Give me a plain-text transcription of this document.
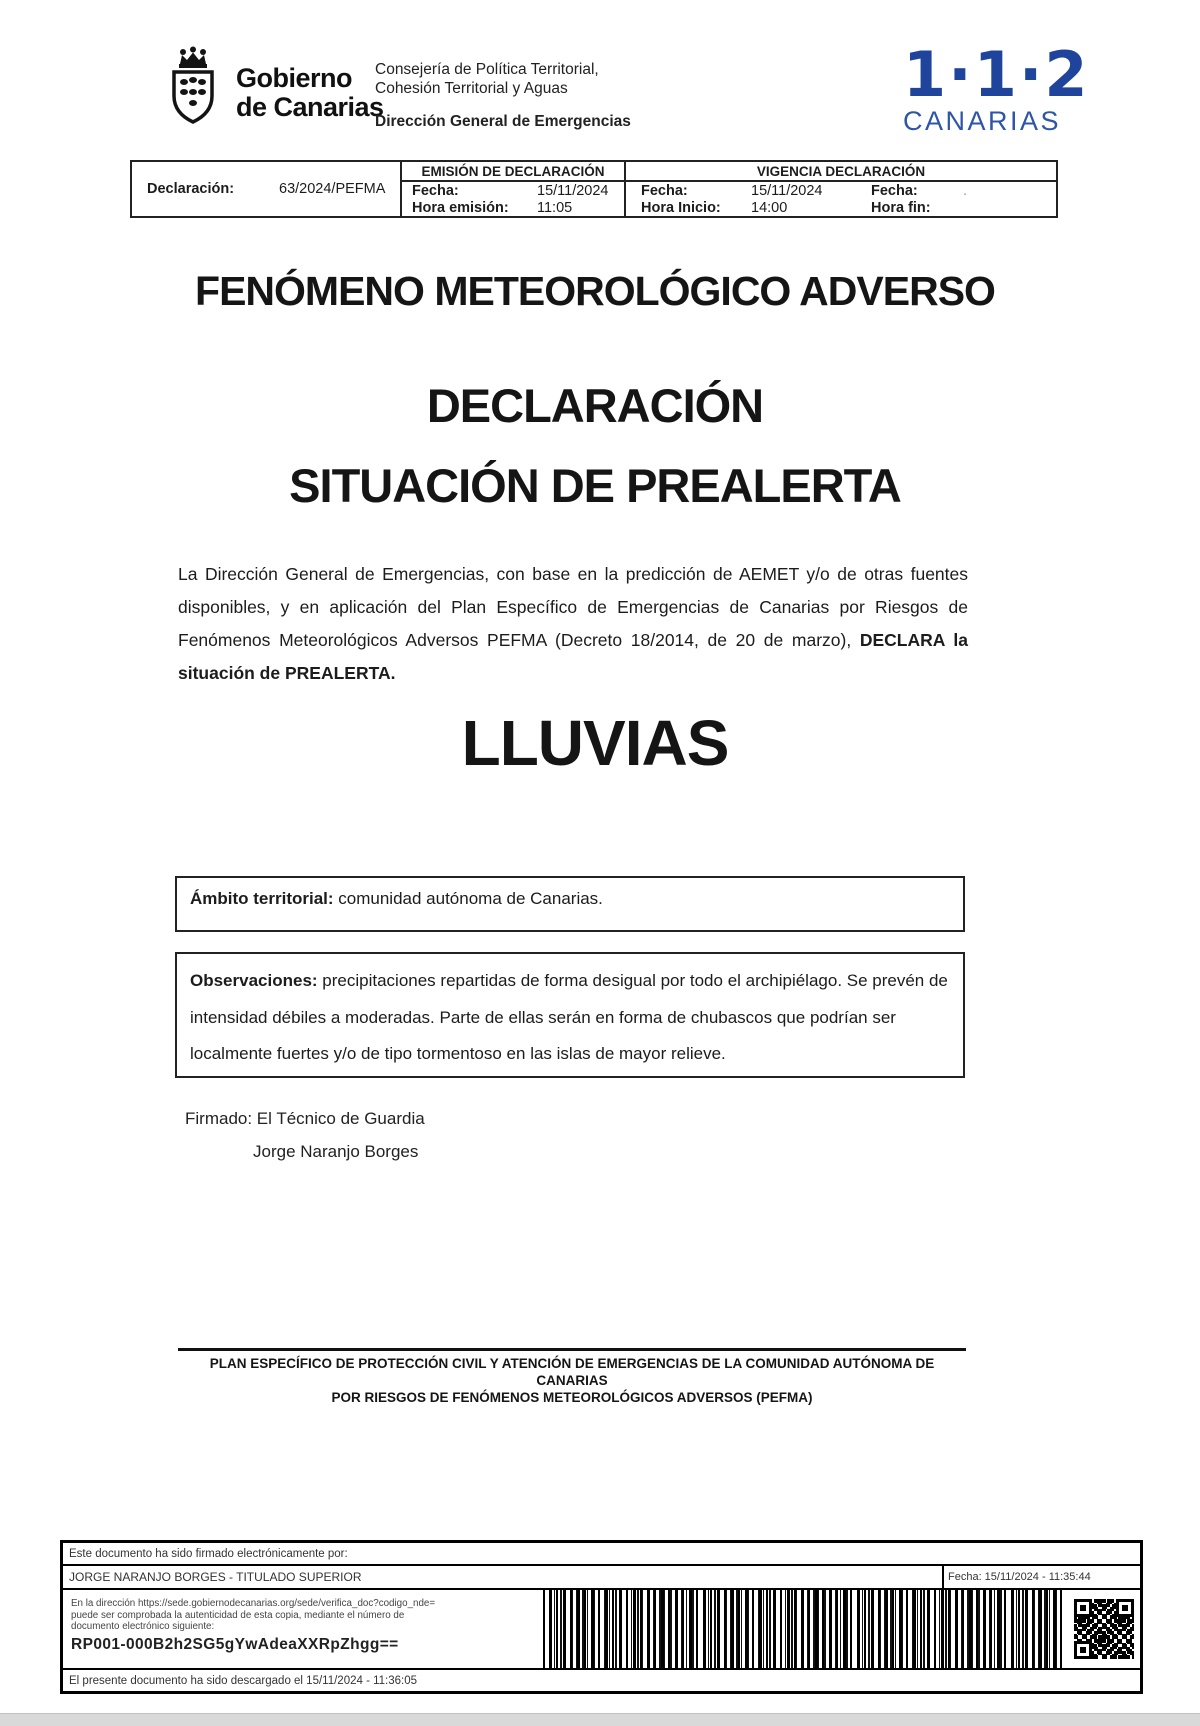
Gobierno
de Canarias
Consejería de Política Territorial,
Cohesión Territorial y Aguas
Dirección General de Emergencias
1·1·2
CANARIAS
Declaración:	63/2024/PEFMA
EMISIÓN DE DECLARACIÓN
Fecha:	15/11/2024
Hora emisión:	11:05
VIGENCIA DECLARACIÓN
Fecha:	15/11/2024
Hora Inicio:	14:00
Fecha:	.
Hora fin:
FENÓMENO METEOROLÓGICO ADVERSO
DECLARACIÓN
SITUACIÓN DE PREALERTA
La Dirección General de Emergencias, con base en la predicción de AEMET y/o de otras fuentes disponibles, y en aplicación del Plan Específico de Emergencias de Canarias por Riesgos de Fenómenos Meteorológicos Adversos PEFMA (Decreto 18/2014, de 20 de marzo), DECLARA la situación de PREALERTA.
LLUVIAS
Ámbito territorial: comunidad autónoma de Canarias.
Observaciones: precipitaciones repartidas de forma desigual por todo el archipiélago. Se prevén de intensidad débiles a moderadas. Parte de ellas serán en forma de chubascos que podrían ser localmente fuertes y/o de tipo tormentoso en las islas de mayor relieve.
Firmado: El Técnico de Guardia
Jorge Naranjo Borges
PLAN ESPECÍFICO DE PROTECCIÓN CIVIL Y ATENCIÓN DE EMERGENCIAS DE LA COMUNIDAD AUTÓNOMA DE CANARIAS
POR RIESGOS DE FENÓMENOS METEOROLÓGICOS ADVERSOS (PEFMA)
Este documento ha sido firmado electrónicamente por:
JORGE NARANJO BORGES - TITULADO SUPERIOR	Fecha: 15/11/2024 - 11:35:44
En la dirección https://sede.gobiernodecanarias.org/sede/verifica_doc?codigo_nde=
puede ser comprobada la autenticidad de esta copia, mediante el número de
documento electrónico siguiente:
RP001-000B2h2SG5gYwAdeaXXRpZhgg==
El presente documento ha sido descargado el 15/11/2024 - 11:36:05
